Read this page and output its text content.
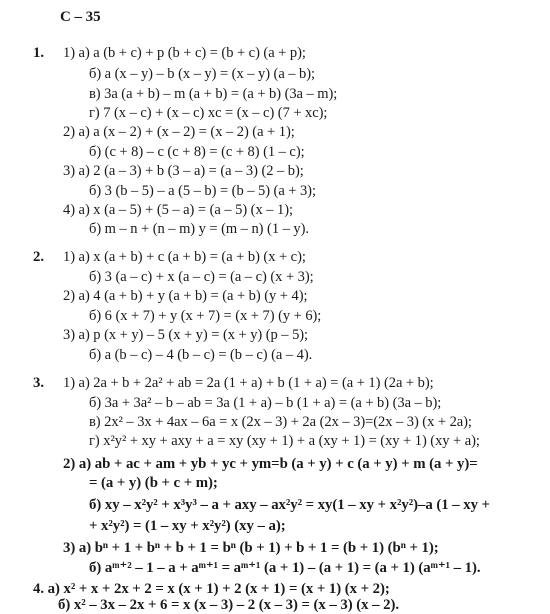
С – 35
1. 1) а) a (b + c) + p (b + c) = (b + c) (a + p);
б) a (x – y) – b (x – y) = (x – y) (a – b);
в) 3a (a + b) – m (a + b) = (a + b) (3a – m);
г) 7 (x – c) + (x – c) xc = (x – c) (7 + xc);
2) а) a (x – 2) + (x – 2) = (x – 2) (a + 1);
б) (c + 8) – c (c + 8) = (c + 8) (1 – c);
3) а) 2 (a – 3) + b (3 – a) = (a – 3) (2 – b);
б) 3 (b – 5) – a (5 – b) = (b – 5) (a + 3);
4) а) x (a – 5) + (5 – a) = (a – 5) (x – 1);
б) m – n + (n – m) y = (m – n) (1 – y).
2. 1) а) x (a + b) + c (a + b) = (a + b) (x + c);
б) 3 (a – c) + x (a – c) = (a – c) (x + 3);
2) а) 4 (a + b) + y (a + b) = (a + b) (y + 4);
б) 6 (x + 7) + y (x + 7) = (x + 7) (y + 6);
3) а) p (x + y) – 5 (x + y) = (x + y) (p – 5);
б) a (b – c) – 4 (b – c) = (b – c) (a – 4).
3. 1) а) 2a + b + 2a² + ab = 2a (1 + a) + b (1 + a) = (a + 1) (2a + b);
б) 3a + 3a² – b – ab = 3a (1 + a) – b (1 + a) = (a + b) (3a – b);
в) 2x² – 3x + 4ax – 6a = x (2x – 3) + 2a (2x – 3)=(2x – 3) (x + 2a);
г) x²y² + xy + axy + a = xy (xy + 1) + a (xy + 1) = (xy + 1) (xy + a);
2) а) ab + ac + am + yb + yc + ym=b (a + y) + c (a + y) + m (a + y)=
= (a + y) (b + c + m);
б) xy – x²y² + x³y³ – a + axy – ax²y² = xy(1 – xy + x²y²)–a (1 – xy +
+ x²y²) = (1 – xy + x²y²) (xy – a);
3) а) bⁿ + 1 + bⁿ + b + 1 = bⁿ (b + 1) + b + 1 = (b + 1) (bⁿ + 1);
б) aᵐ⁺² – 1 – a + aᵐ⁺¹ = aᵐ⁺¹ (a + 1) – (a + 1) = (a + 1) (aᵐ⁺¹ – 1).
4. а) x² + x + 2x + 2 = x (x + 1) + 2 (x + 1) = (x + 1) (x + 2);
б) x² – 3x – 2x + 6 = x (x – 3) – 2 (x – 3) = (x – 3) (x – 2).
